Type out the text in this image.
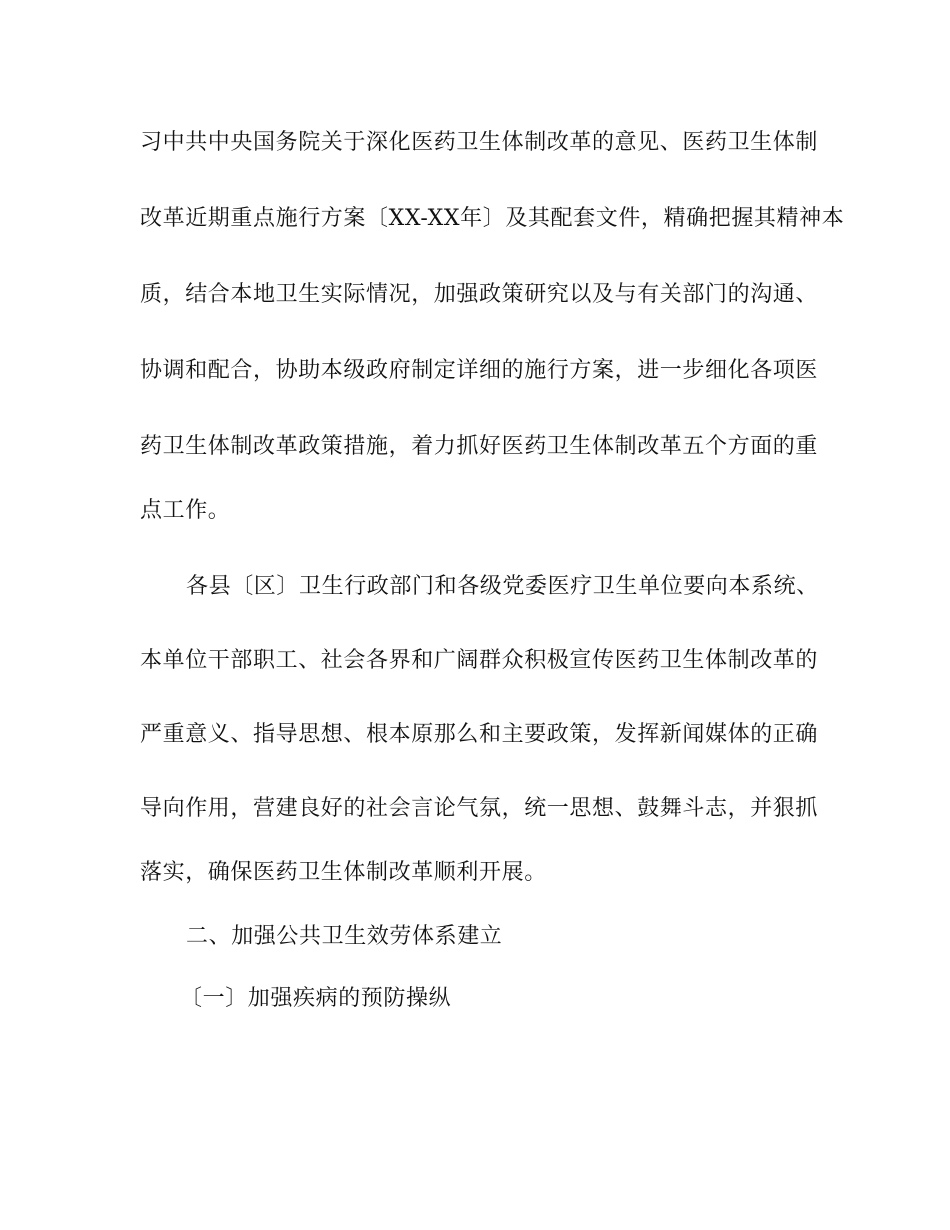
习中共中央国务院关于深化医药卫生体制改革的意见、医药卫生体制
改革近期重点施行方案〔XX-XX年〕及其配套文件，精确把握其精神本
质，结合本地卫生实际情况，加强政策研究以及与有关部门的沟通、
协调和配合，协助本级政府制定详细的施行方案，进一步细化各项医
药卫生体制改革政策措施，着力抓好医药卫生体制改革五个方面的重
点工作。
各县〔区〕卫生行政部门和各级党委医疗卫生单位要向本系统、
本单位干部职工、社会各界和广阔群众积极宣传医药卫生体制改革的
严重意义、指导思想、根本原那么和主要政策，发挥新闻媒体的正确
导向作用，营建良好的社会言论气氛，统一思想、鼓舞斗志，并狠抓
落实，确保医药卫生体制改革顺利开展。
二、加强公共卫生效劳体系建立
〔一〕加强疾病的预防操纵
